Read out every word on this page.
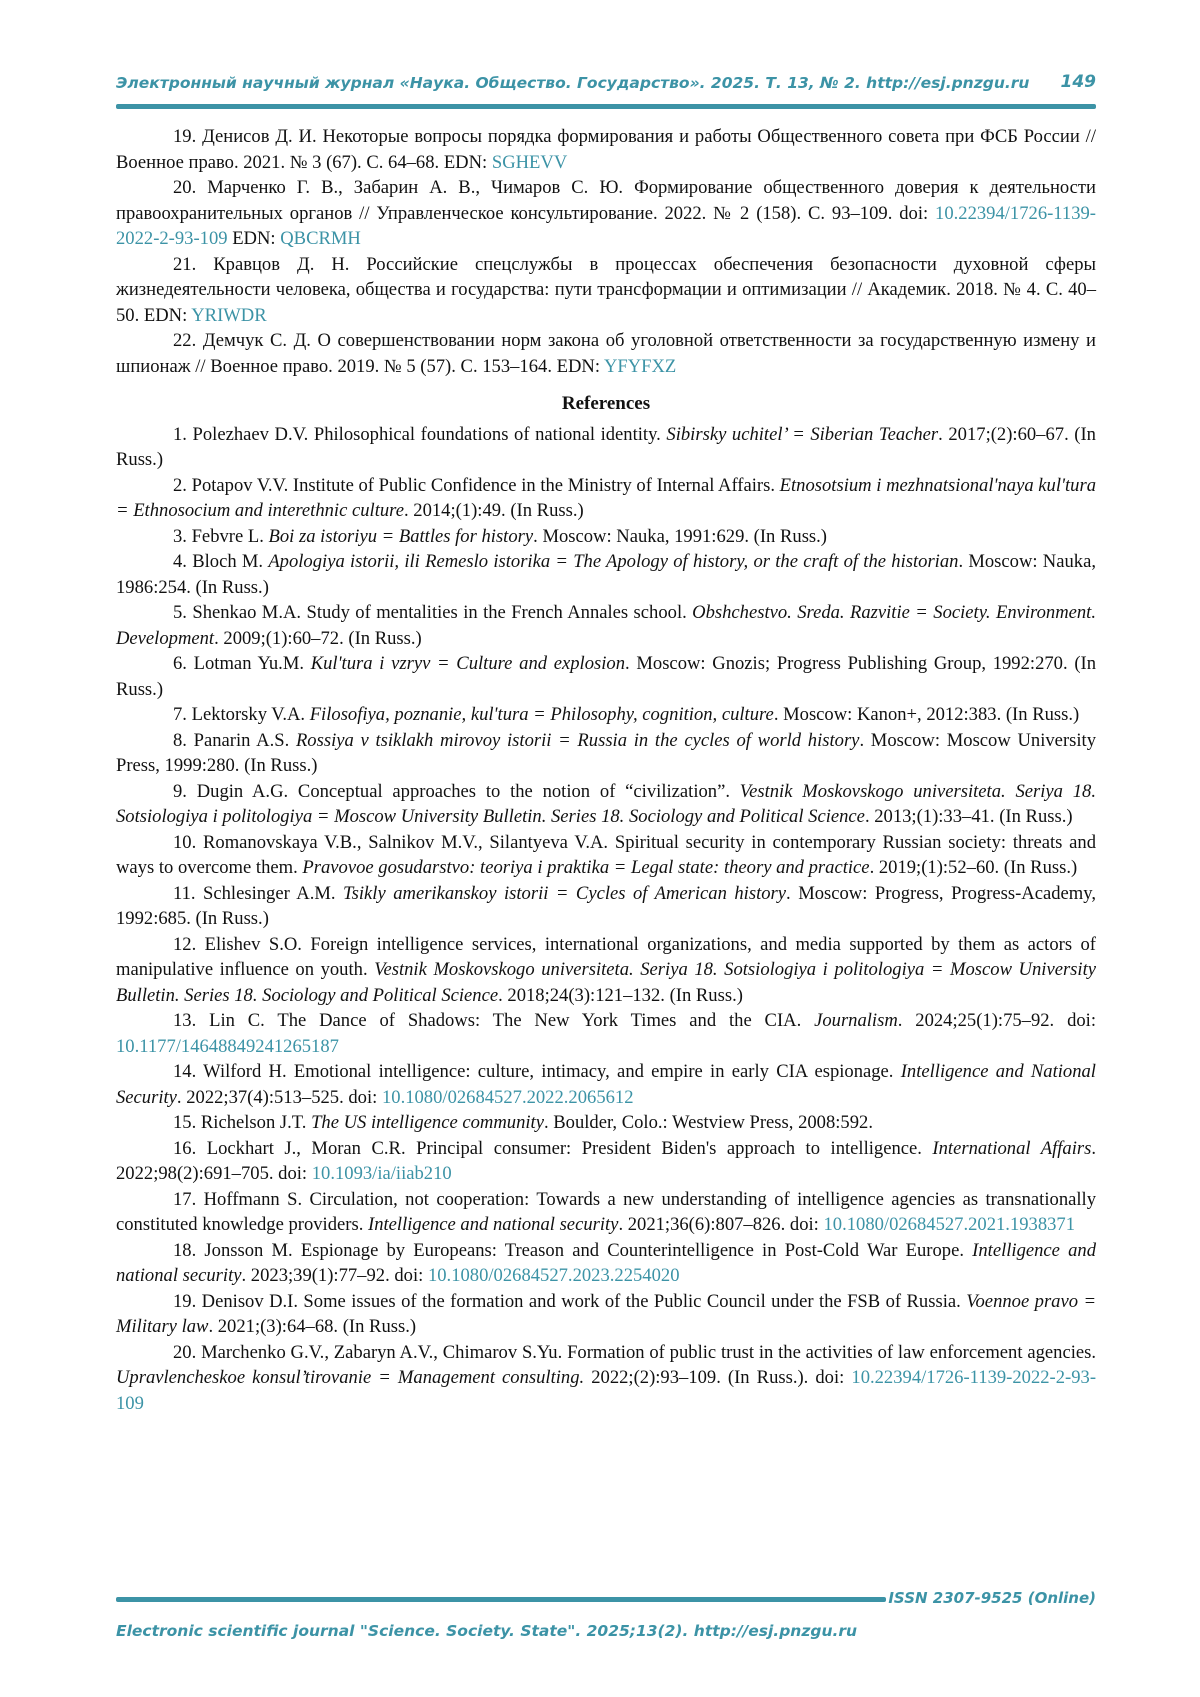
Электронный научный журнал «Наука. Общество. Государство». 2025. Т. 13, № 2. http://esj.pnzgu.ru 149

19. Денисов Д. И. Некоторые вопросы порядка формирования и работы Общественного совета при ФСБ России // Военное право. 2021. № 3 (67). С. 64–68. EDN: SGHEVV

20. Марченко Г. В., Забарин А. В., Чимаров С. Ю. Формирование общественного доверия к деятельности правоохранительных органов // Управленческое консультирование. 2022. № 2 (158). С. 93–109. doi: 10.22394/1726-1139-2022-2-93-109 EDN: QBCRMH

21. Кравцов Д. Н. Российские спецслужбы в процессах обеспечения безопасности духовной сферы жизнедеятельности человека, общества и государства: пути трансформации и оптимизации // Академик. 2018. № 4. С. 40–50. EDN: YRIWDR

22. Демчук С. Д. О совершенствовании норм закона об уголовной ответственности за государственную измену и шпионаж // Военное право. 2019. № 5 (57). С. 153–164. EDN: YFYFXZ

References

1. Polezhaev D.V. Philosophical foundations of national identity. Sibirsky uchitel’ = Siberian Teacher. 2017;(2):60–67. (In Russ.)

2. Potapov V.V. Institute of Public Confidence in the Ministry of Internal Affairs. Etnosotsium i mezhnatsional'naya kul'tura = Ethnosocium and interethnic culture. 2014;(1):49. (In Russ.)

3. Febvre L. Boi za istoriyu = Battles for history. Moscow: Nauka, 1991:629. (In Russ.)

4. Bloch M. Apologiya istorii, ili Remeslo istorika = The Apology of history, or the craft of the historian. Moscow: Nauka, 1986:254. (In Russ.)

5. Shenkao M.A. Study of mentalities in the French Annales school. Obshchestvo. Sreda. Razvitie = Society. Environment. Development. 2009;(1):60–72. (In Russ.)

6. Lotman Yu.M. Kul'tura i vzryv = Culture and explosion. Moscow: Gnozis; Progress Publishing Group, 1992:270. (In Russ.)

7. Lektorsky V.A. Filosofiya, poznanie, kul'tura = Philosophy, cognition, culture. Moscow: Kanon+, 2012:383. (In Russ.)

8. Panarin A.S. Rossiya v tsiklakh mirovoy istorii = Russia in the cycles of world history. Moscow: Moscow University Press, 1999:280. (In Russ.)

9. Dugin A.G. Conceptual approaches to the notion of “civilization”. Vestnik Moskovskogo universiteta. Seriya 18. Sotsiologiya i politologiya = Moscow University Bulletin. Series 18. Sociology and Political Science. 2013;(1):33–41. (In Russ.)

10. Romanovskaya V.B., Salnikov M.V., Silantyeva V.A. Spiritual security in contemporary Russian society: threats and ways to overcome them. Pravovoe gosudarstvo: teoriya i praktika = Legal state: theory and practice. 2019;(1):52–60. (In Russ.)

11. Schlesinger A.M. Tsikly amerikanskoy istorii = Cycles of American history. Moscow: Progress, Progress-Academy, 1992:685. (In Russ.)

12. Elishev S.O. Foreign intelligence services, international organizations, and media supported by them as actors of manipulative influence on youth. Vestnik Moskovskogo universiteta. Seriya 18. Sotsiologiya i politologiya = Moscow University Bulletin. Series 18. Sociology and Political Science. 2018;24(3):121–132. (In Russ.)

13. Lin C. The Dance of Shadows: The New York Times and the CIA. Journalism. 2024;25(1):75–92. doi: 10.1177/14648849241265187

14. Wilford H. Emotional intelligence: culture, intimacy, and empire in early CIA espionage. Intelligence and National Security. 2022;37(4):513–525. doi: 10.1080/02684527.2022.2065612

15. Richelson J.T. The US intelligence community. Boulder, Colo.: Westview Press, 2008:592.

16. Lockhart J., Moran C.R. Principal consumer: President Biden's approach to intelligence. International Affairs. 2022;98(2):691–705. doi: 10.1093/ia/iiab210

17. Hoffmann S. Circulation, not cooperation: Towards a new understanding of intelligence agencies as transnationally constituted knowledge providers. Intelligence and national security. 2021;36(6):807–826. doi: 10.1080/02684527.2021.1938371

18. Jonsson M. Espionage by Europeans: Treason and Counterintelligence in Post-Cold War Europe. Intelligence and national security. 2023;39(1):77–92. doi: 10.1080/02684527.2023.2254020

19. Denisov D.I. Some issues of the formation and work of the Public Council under the FSB of Russia. Voennoe pravo = Military law. 2021;(3):64–68. (In Russ.)

20. Marchenko G.V., Zabaryn A.V., Chimarov S.Yu. Formation of public trust in the activities of law enforcement agencies. Upravlencheskoe konsul’tirovanie = Management consulting. 2022;(2):93–109. (In Russ.). doi: 10.22394/1726-1139-2022-2-93-109

ISSN 2307-9525 (Online)
Electronic scientific journal "Science. Society. State". 2025;13(2). http://esj.pnzgu.ru
